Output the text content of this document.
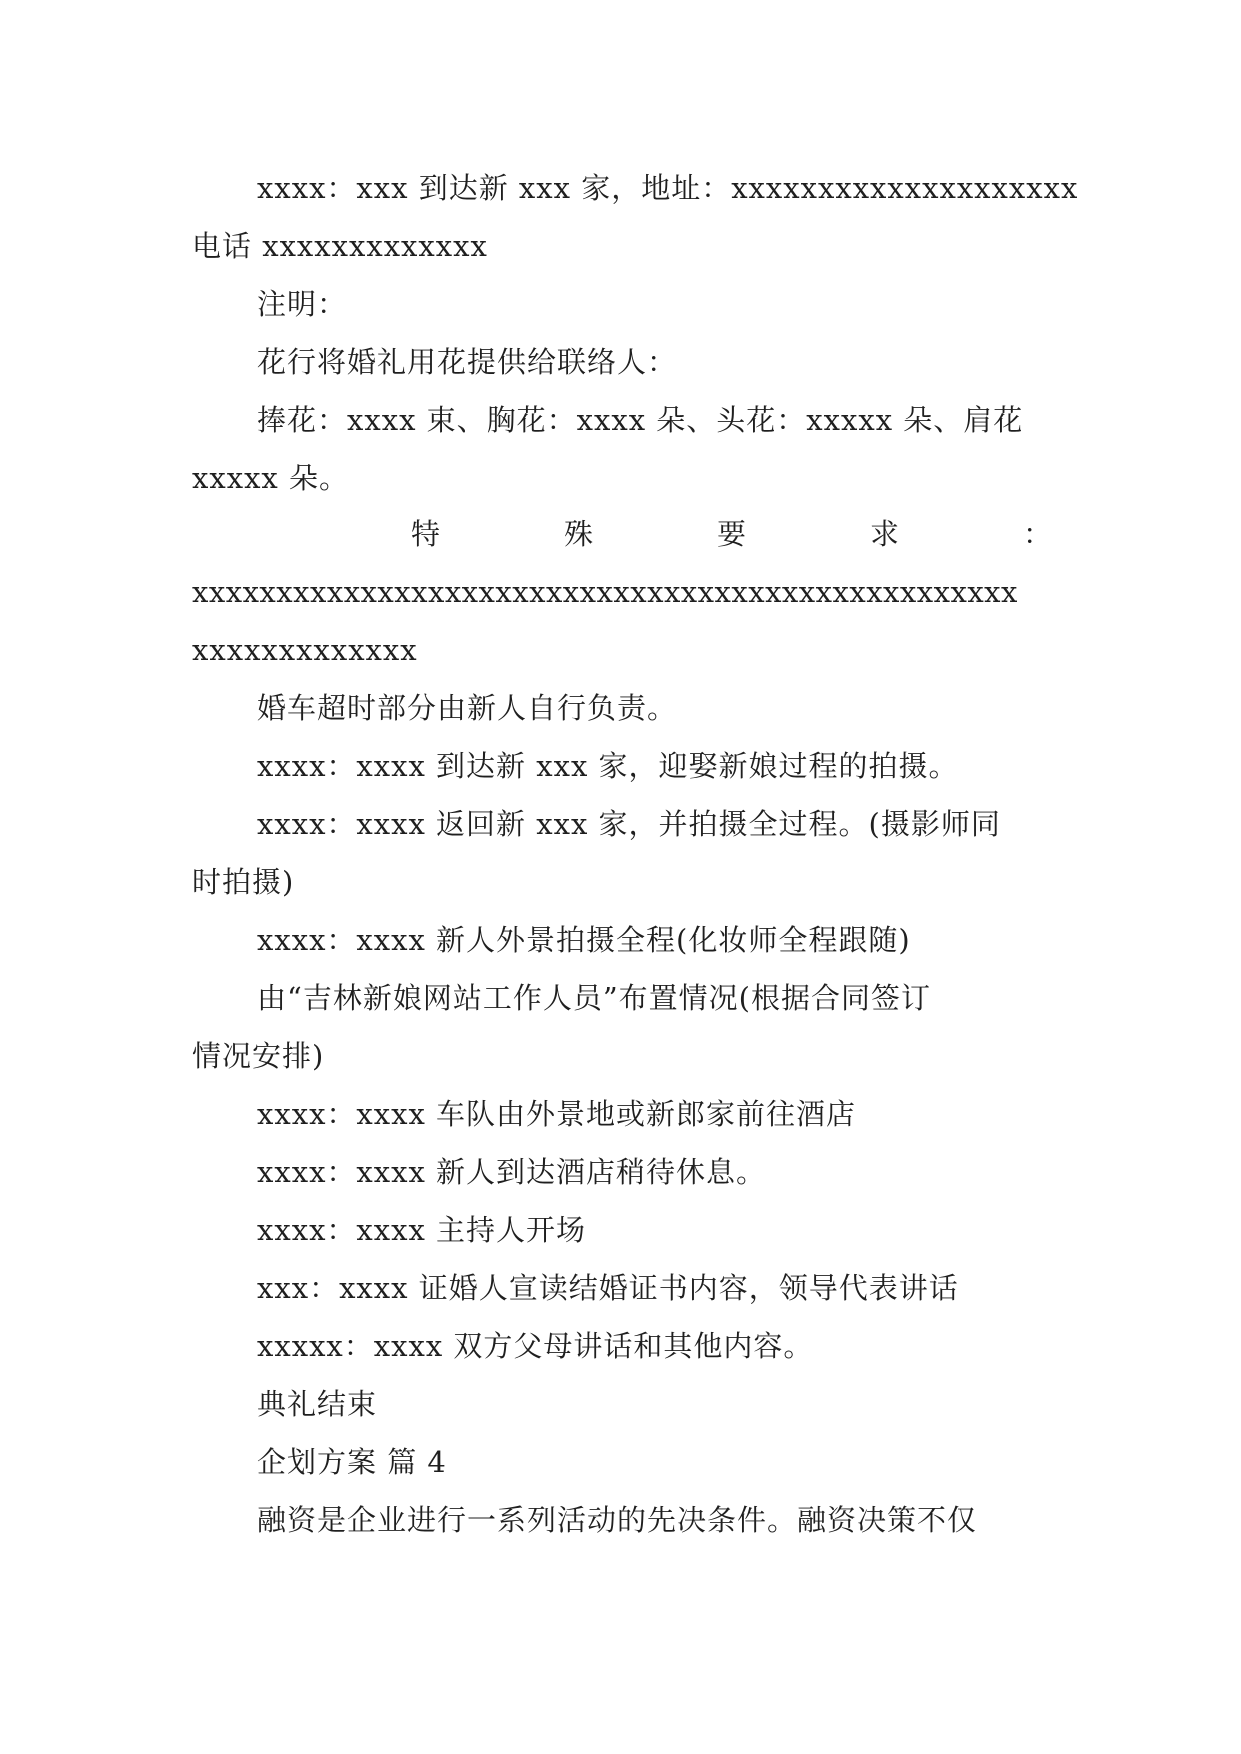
xxxx：xxx 到达新 xxx 家，地址：xxxxxxxxxxxxxxxxxxxx
电话 xxxxxxxxxxxxx
注明：
花行将婚礼用花提供给联络人：
捧花：xxxx 束、胸花：xxxx 朵、头花：xxxxx 朵、肩花
xxxxx 朵。
特	殊	要	求	：
xxxxxxxxxxxxxxxxxxxxxxxxxxxxxxxxxxxxxxxxxxxxxxxxx
xxxxxxxxxxxxx
婚车超时部分由新人自行负责。
xxxx：xxxx 到达新 xxx 家，迎娶新娘过程的拍摄。
xxxx：xxxx 返回新 xxx 家，并拍摄全过程。(摄影师同
时拍摄)
xxxx：xxxx 新人外景拍摄全程(化妆师全程跟随)
由“吉林新娘网站工作人员”布置情况(根据合同签订
情况安排)
xxxx：xxxx 车队由外景地或新郎家前往酒店
xxxx：xxxx 新人到达酒店稍待休息。
xxxx：xxxx 主持人开场
xxx：xxxx 证婚人宣读结婚证书内容，领导代表讲话
xxxxx：xxxx 双方父母讲话和其他内容。
典礼结束
企划方案 篇 4
融资是企业进行一系列活动的先决条件。融资决策不仅
